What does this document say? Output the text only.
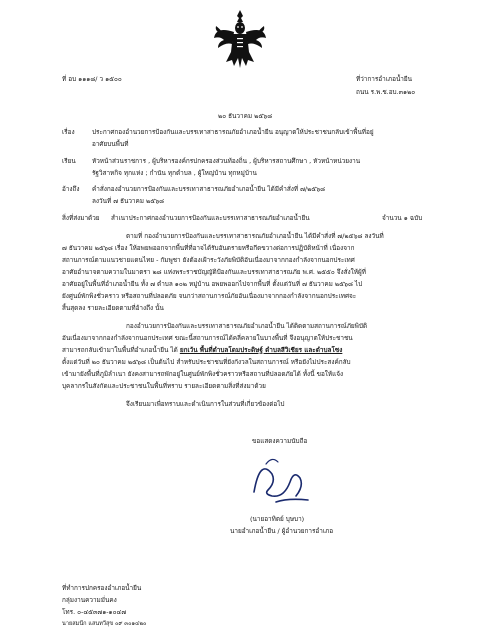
ที่ อบ ๑๑๑๘/ ว ๑๕๐๐	ที่ว่าการอำเภอน้ำยืน
ถนน ร.พ.ช.อบ.๓๑๒๐
๒๐ ธันวาคม ๒๕๖๘
เรื่อง	ประกาศกองอำนวยการป้องกันและบรรเทาสาธารณภัยอำเภอน้ำยืน อนุญาตให้ประชาชนกลับเข้าพื้นที่อยู่
อาศัยบนพื้นที่
เรียน	หัวหน้าส่วนราชการ , ผู้บริหารองค์กรปกครองส่วนท้องถิ่น , ผู้บริหารสถานศึกษา , หัวหน้าหน่วยงาน
รัฐวิสาหกิจ ทุกแห่ง ; กำนัน ทุกตำบล , ผู้ใหญ่บ้าน ทุกหมู่บ้าน
อ้างถึง คำสั่งกองอำนวยการป้องกันและบรรเทาสาธารณภัยอำเภอน้ำยืน ได้มีคำสั่งที่ ๗/๒๕๖๘
ลงวันที่ ๗ ธันวาคม ๒๕๖๘
สิ่งที่ส่งมาด้วย สำเนาประกาศกองอำนวยการป้องกันและบรรเทาสาธารณภัยอำเภอน้ำยืน	จำนวน ๑ ฉบับ
ตามที่ กองอำนวยการป้องกันและบรรเทาสาธารณภัยอำเภอน้ำยืน ได้มีคำสั่งที่ ๗/๒๕๖๘ ลงวันที่
๗ ธันวาคม ๒๕๖๘ เรื่อง ให้อพยพออกจากพื้นที่ที่อาจได้รับอันตรายหรือกีดขวางต่อการปฏิบัติหน้าที่ เนื่องจาก
สถานการณ์ตามแนวชายแดนไทย - กัมพูชา ยังต้องเฝ้าระวังภัยพิบัติอันเนื่องมาจากกองกำลังจากนอกประเทศ
อาศัยอำนาจตามความในมาตรา ๒๘ แห่งพระราชบัญญัติป้องกันและบรรเทาสาธารณภัย พ.ศ. ๒๕๕๐ จึงสั่งให้ผู้ที่
อาศัยอยู่ในพื้นที่อำเภอน้ำยืน ทั้ง ๗ ตำบล ๑๐๒ หมู่บ้าน อพยพออกไปจากพื้นที่ ตั้งแต่วันที่ ๗ ธันวาคม ๒๕๖๘ ไป
ยังศูนย์พักพิงชั่วคราว หรือสถานที่ปลอดภัย จนกว่าสถานการณ์ภัยอันเนื่องมาจากกองกำลังจากนอกประเทศจะ
สิ้นสุดลง รายละเอียดตามที่อ้างถึง นั้น
กองอำนวยการป้องกันและบรรเทาสาธารณภัยอำเภอน้ำยืน ได้ติดตามสถานการณ์ภัยพิบัติ
อันเนื่องมาจากกองกำลังจากนอกประเทศ ขณะนี้สถานการณ์ได้คลี่คลายในบางพื้นที่ จึงอนุญาตให้ประชาชน
สามารถกลับเข้ามาในพื้นที่อำเภอน้ำยืน ได้ ยกเว้น พื้นที่ตำบลโดมประดิษฐ์ ตำบลสีวิเชียร และตำบลโซง
ตั้งแต่วันที่ ๒๐ ธันวาคม ๒๕๖๘ เป็นต้นไป สำหรับประชาชนที่ยังกังวลในสถานการณ์ หรือยังไม่ประสงค์กลับ
เข้ามายังพื้นที่ภูมิลำเนา ยังคงสามารถพักอยู่ในศูนย์พักพิงชั่วคราวหรือสถานที่ปลอดภัยได้ ทั้งนี้ ขอให้แจ้ง
บุคลากรในสังกัดและประชาชนในพื้นที่ทราบ รายละเอียดตามสิ่งที่ส่งมาด้วย
จึงเรียนมาเพื่อทราบและดำเนินการในส่วนที่เกี่ยวข้องต่อไป
ขอแสดงความนับถือ
(นายอาทิตย์ บุษบา)
นายอำเภอน้ำยืน / ผู้อำนวยการอำเภอ
ที่ทำการปกครองอำเภอน้ำยืน
กลุ่มงานความมั่นคง
โทร. ๐-๔๕๓๗๑-๑๐๔๗
นายสมนึก แสนทวีสุข ๐๙ ๓๐๑๔๒๐
